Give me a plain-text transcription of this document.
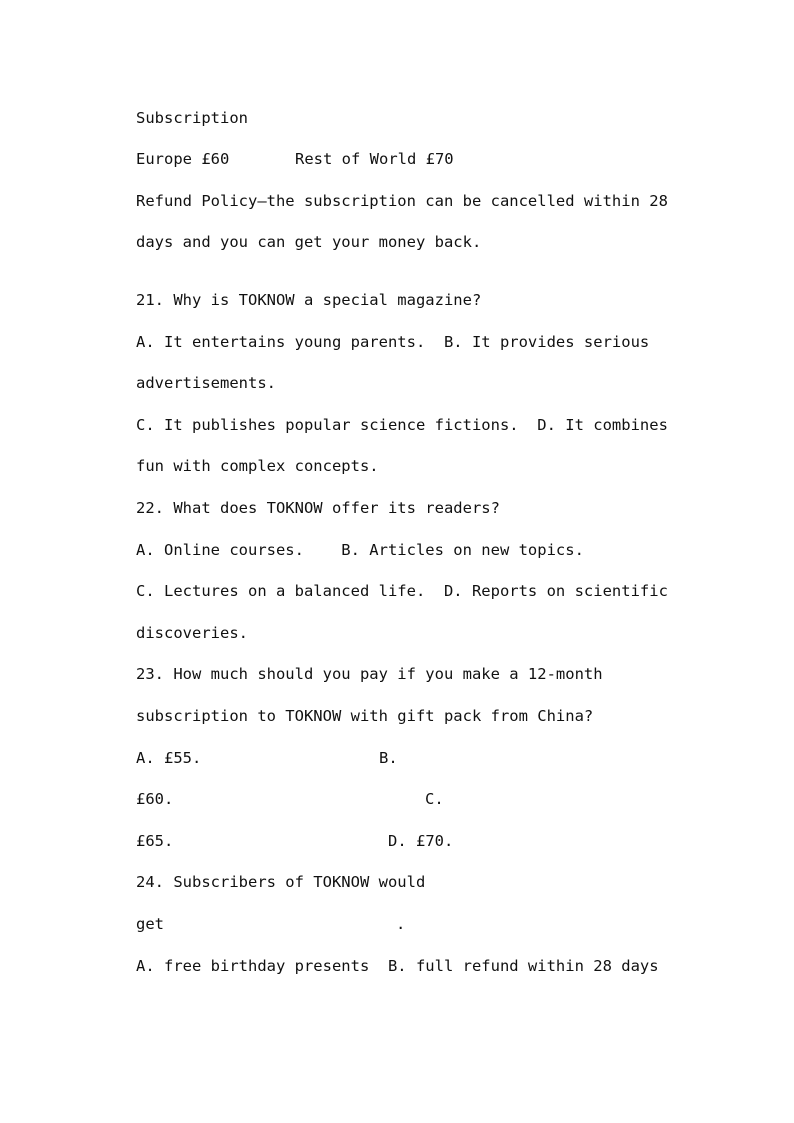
Subscription
Europe £60	Rest of World £70
Refund Policy—the subscription can be cancelled within 28
days and you can get your money back.
21. Why is TOKNOW a special magazine?
A. It entertains young parents.  B. It provides serious
advertisements.
C. It publishes popular science fictions.  D. It combines
fun with complex concepts.
22. What does TOKNOW offer its readers?
A. Online courses.    B. Articles on new topics.
C. Lectures on a balanced life.  D. Reports on scientific
discoveries.
23. How much should you pay if you make a 12-month
subscription to TOKNOW with gift pack from China?
A. £55.	B.
£60.	C.
£65.	D. £70.
24. Subscribers of TOKNOW would
get	.
A. free birthday presents  B. full refund within 28 days
